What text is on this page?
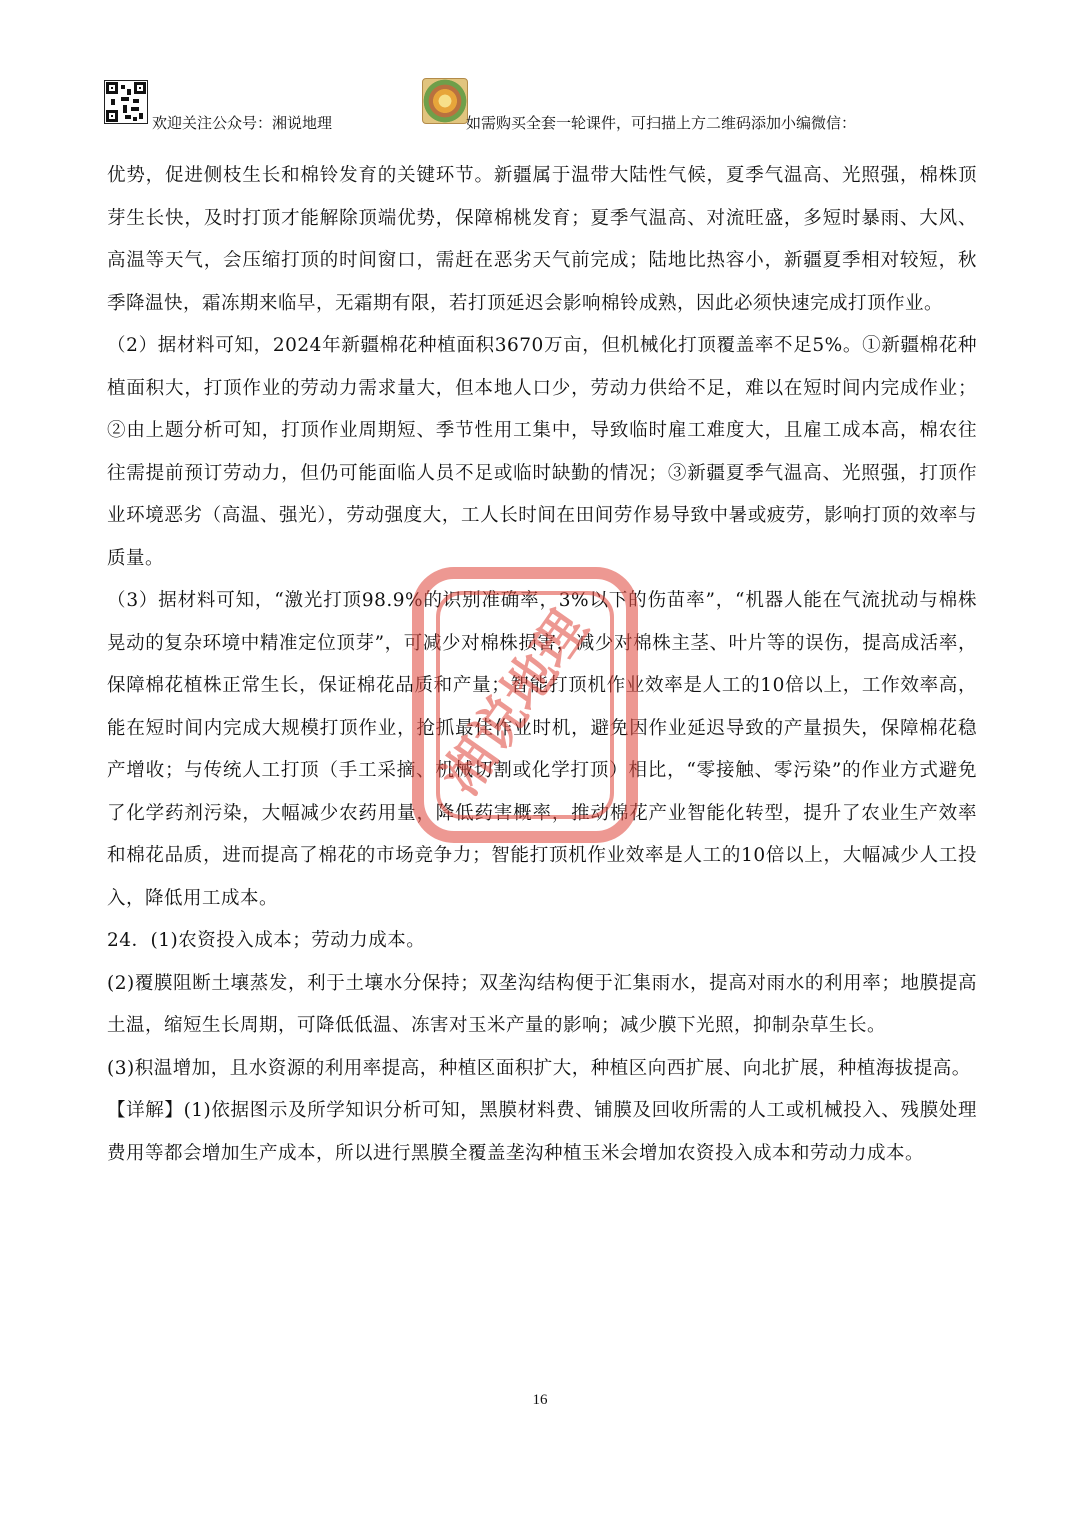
欢迎关注公众号：湘说地理	如需购买全套一轮课件，可扫描上方二维码添加小编微信：

优势，促进侧枝生长和棉铃发育的关键环节。新疆属于温带大陆性气候，夏季气温高、光照强，棉株顶芽生长快，及时打顶才能解除顶端优势，保障棉桃发育；夏季气温高、对流旺盛，多短时暴雨、大风、高温等天气，会压缩打顶的时间窗口，需赶在恶劣天气前完成；陆地比热容小，新疆夏季相对较短，秋季降温快，霜冻期来临早，无霜期有限，若打顶延迟会影响棉铃成熟，因此必须快速完成打顶作业。

（2）据材料可知，2024年新疆棉花种植面积3670万亩，但机械化打顶覆盖率不足5%。①新疆棉花种植面积大，打顶作业的劳动力需求量大，但本地人口少，劳动力供给不足，难以在短时间内完成作业；②由上题分析可知，打顶作业周期短、季节性用工集中，导致临时雇工难度大，且雇工成本高，棉农往往需提前预订劳动力，但仍可能面临人员不足或临时缺勤的情况；③新疆夏季气温高、光照强，打顶作业环境恶劣（高温、强光），劳动强度大，工人长时间在田间劳作易导致中暑或疲劳，影响打顶的效率与质量。

（3）据材料可知，“激光打顶98.9%的识别准确率，3%以下的伤苗率”，“机器人能在气流扰动与棉株晃动的复杂环境中精准定位顶芽”，可减少对棉株损害，减少对棉株主茎、叶片等的误伤，提高成活率，保障棉花植株正常生长，保证棉花品质和产量；智能打顶机作业效率是人工的10倍以上，工作效率高，能在短时间内完成大规模打顶作业，抢抓最佳作业时机，避免因作业延迟导致的产量损失，保障棉花稳产增收；与传统人工打顶（手工采摘、机械切割或化学打顶）相比，“零接触、零污染”的作业方式避免了化学药剂污染，大幅减少农药用量，降低药害概率，推动棉花产业智能化转型，提升了农业生产效率和棉花品质，进而提高了棉花的市场竞争力；智能打顶机作业效率是人工的10倍以上，大幅减少人工投入，降低用工成本。

24．(1)农资投入成本；劳动力成本。

(2)覆膜阻断土壤蒸发，利于土壤水分保持；双垄沟结构便于汇集雨水，提高对雨水的利用率；地膜提高土温，缩短生长周期，可降低低温、冻害对玉米产量的影响；减少膜下光照，抑制杂草生长。

(3)积温增加，且水资源的利用率提高，种植区面积扩大，种植区向西扩展、向北扩展，种植海拔提高。

【详解】(1)依据图示及所学知识分析可知，黑膜材料费、铺膜及回收所需的人工或机械投入、残膜处理费用等都会增加生产成本，所以进行黑膜全覆盖垄沟种植玉米会增加农资投入成本和劳动力成本。

湘说地理
16
